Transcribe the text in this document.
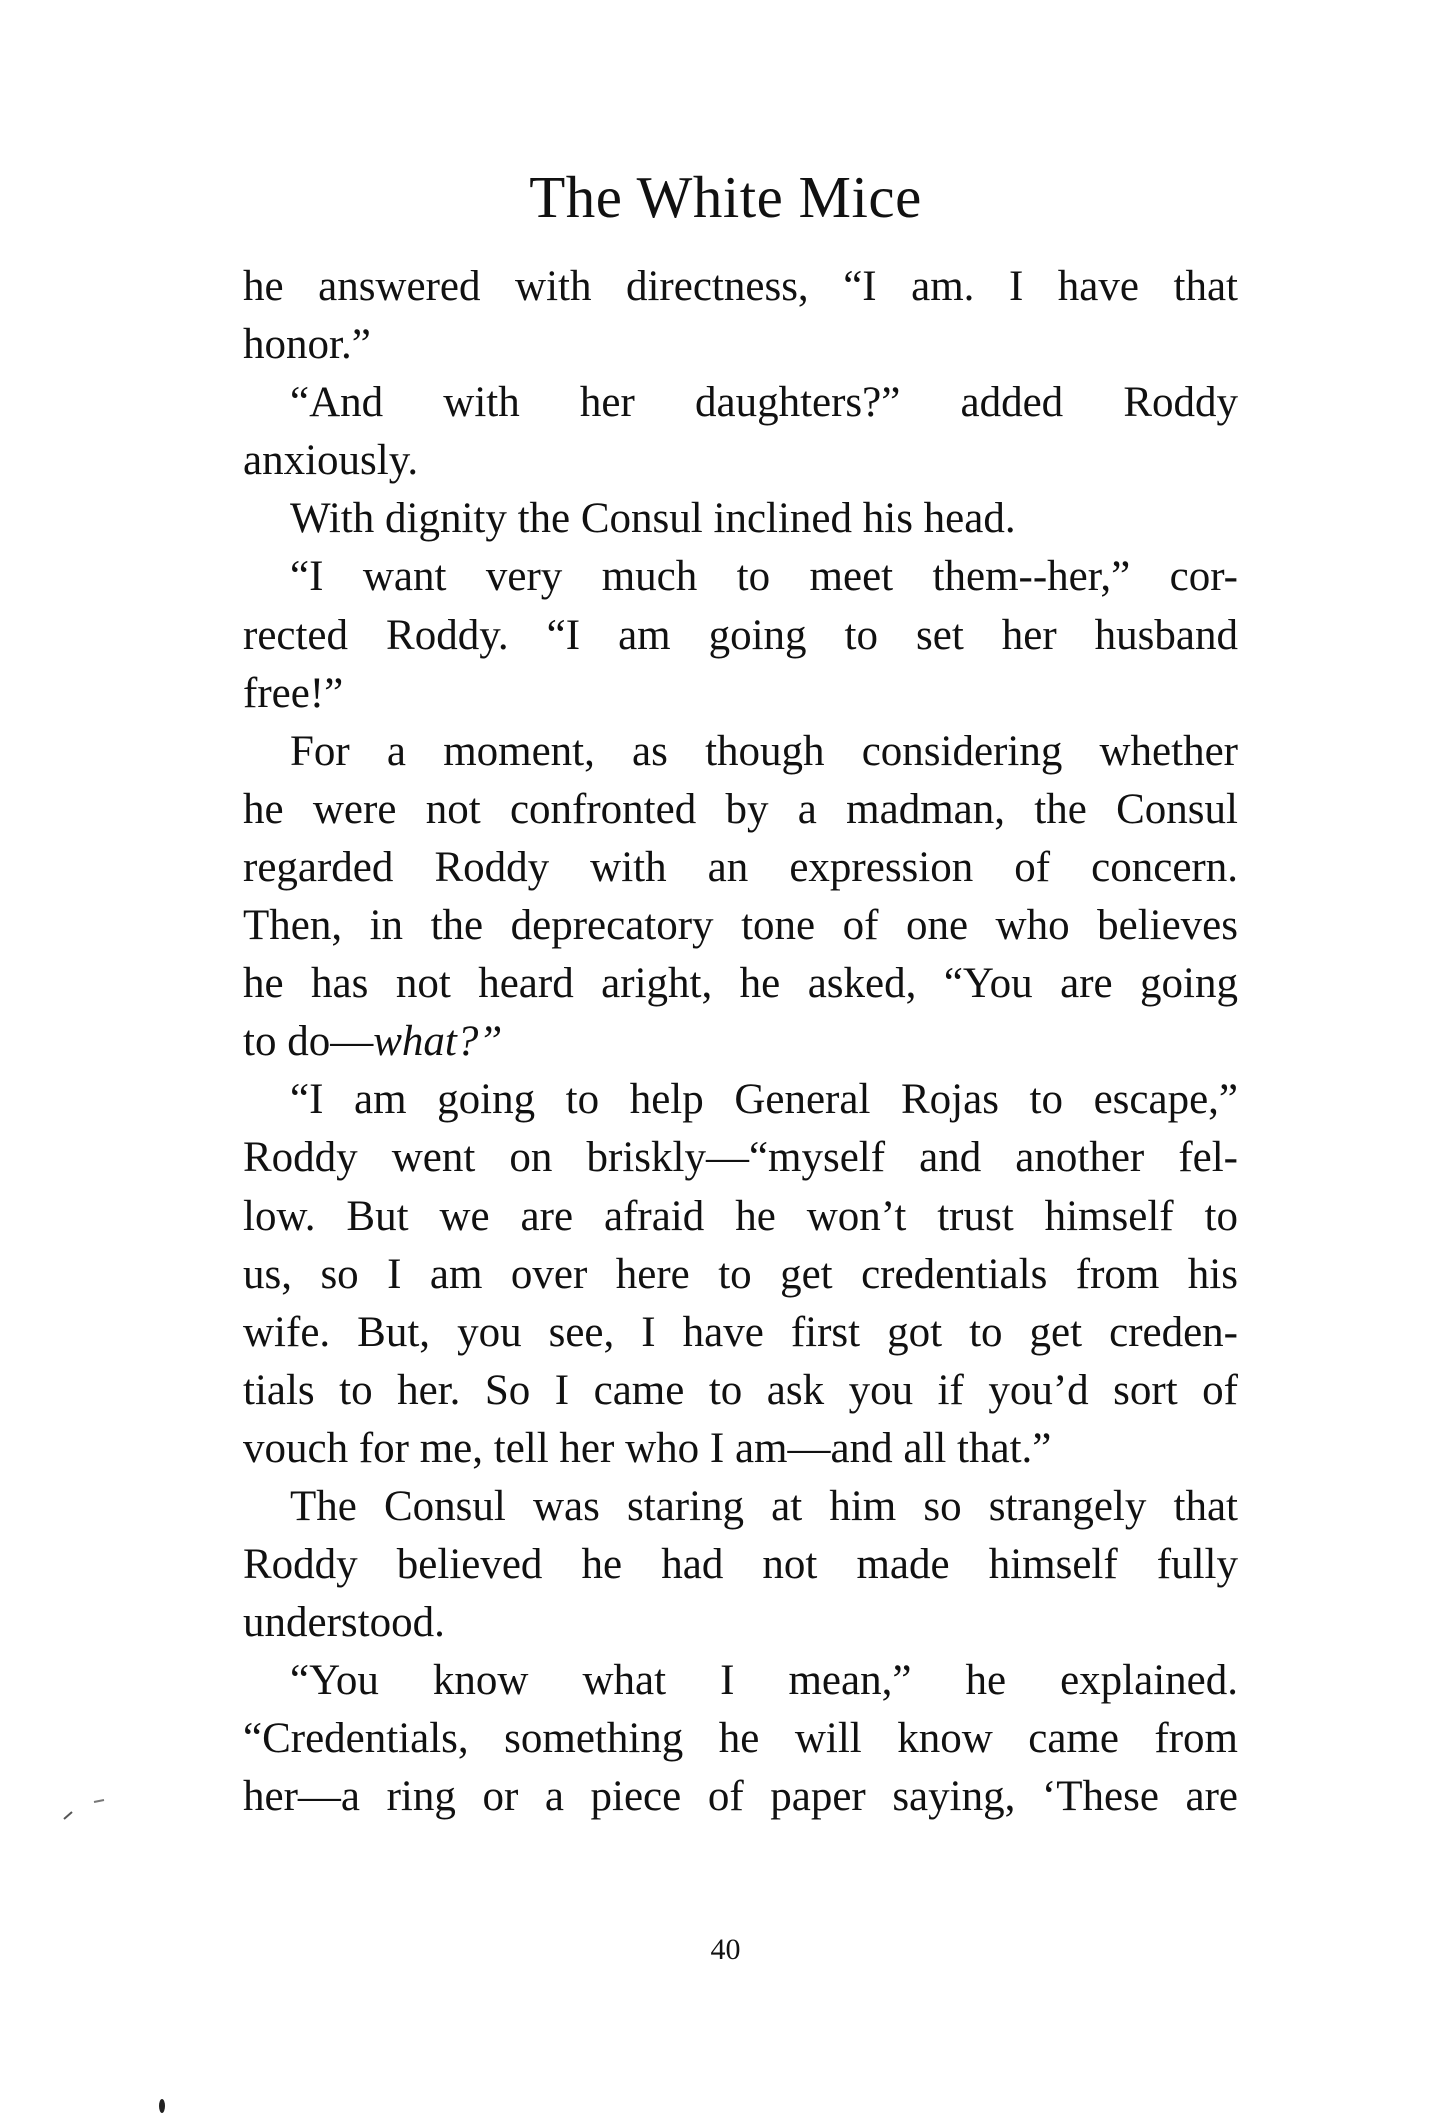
The White Mice
he answered with directness, “I am. I have that
honor.”
“And with her daughters?” added Roddy
anxiously.
With dignity the Consul inclined his head.
“I want very much to meet them--her,” cor-
rected Roddy. “I am going to set her husband
free!”
For a moment, as though considering whether
he were not confronted by a madman, the Consul
regarded Roddy with an expression of concern.
Then, in the deprecatory tone of one who believes
he has not heard aright, he asked, “You are going
to do—what?”
“I am going to help General Rojas to escape,”
Roddy went on briskly—“myself and another fel-
low. But we are afraid he won’t trust himself to
us, so I am over here to get credentials from his
wife. But, you see, I have first got to get creden-
tials to her. So I came to ask you if you’d sort of
vouch for me, tell her who I am—and all that.”
The Consul was staring at him so strangely that
Roddy believed he had not made himself fully
understood.
“You know what I mean,” he explained.
“Credentials, something he will know came from
her—a ring or a piece of paper saying, ‘These are
40
